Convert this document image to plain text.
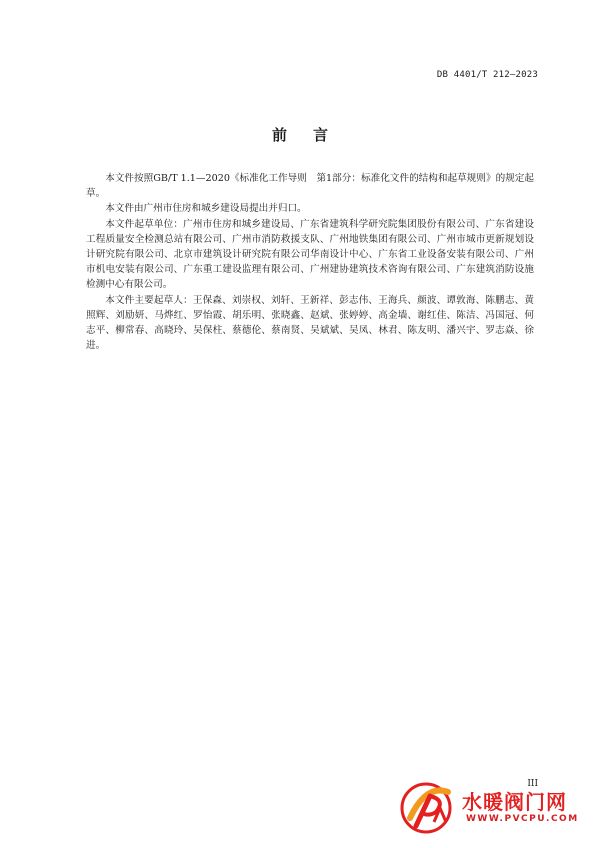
DB 4401/T 212—2023
前言

本文件按照GB/T 1.1—2020《标准化工作导则　第1部分：标准化文件的结构和起草规则》的规定起草。

本文件由广州市住房和城乡建设局提出并归口。

本文件起草单位：广州市住房和城乡建设局、广东省建筑科学研究院集团股份有限公司、广东省建设工程质量安全检测总站有限公司、广州市消防救援支队、广州地铁集团有限公司、广州市城市更新规划设计研究院有限公司、北京市建筑设计研究院有限公司华南设计中心、广东省工业设备安装有限公司、广州市机电安装有限公司、广东重工建设监理有限公司、广州建协建筑技术咨询有限公司、广东建筑消防设施检测中心有限公司。

本文件主要起草人：王保森、刘崇权、刘轩、王新祥、彭志伟、王海兵、颜波、谭敦海、陈鹏志、黄照辉、刘励妍、马烨红、罗怡霞、胡乐明、张晓鑫、赵斌、张婷婷、高金墙、谢红佳、陈洁、冯国冠、何志平、柳常春、高晓玲、吴保柱、蔡德伦、蔡南贤、吴斌斌、吴凤、林君、陈友明、潘兴宇、罗志焱、徐进。

III
水暖阀门网
WWW.PVCPU.COM
